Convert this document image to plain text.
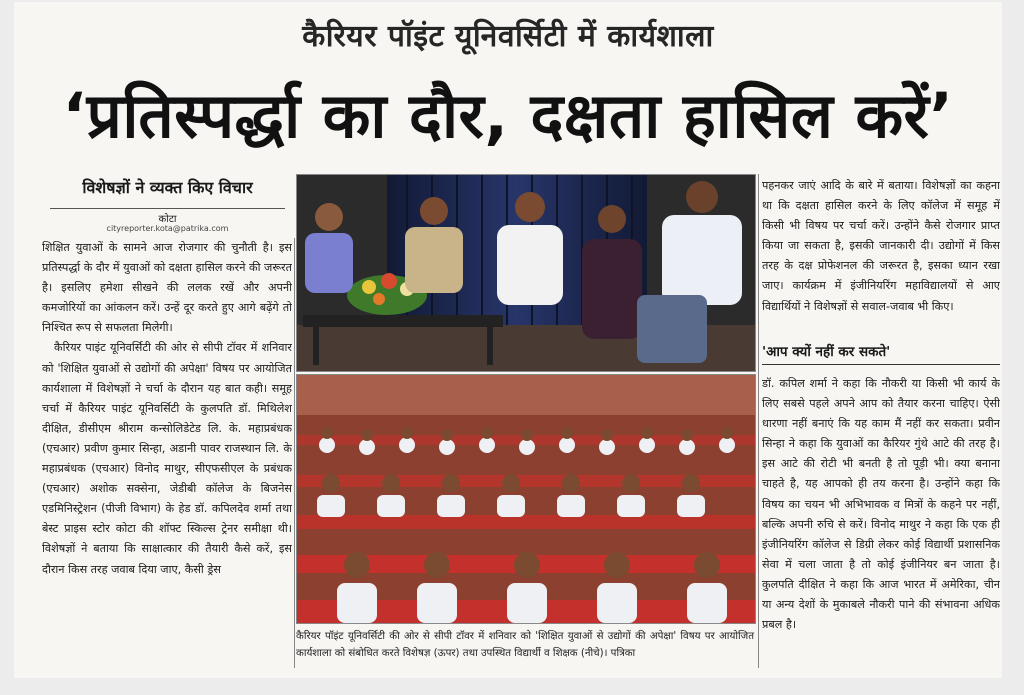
कैरियर पॉइंट यूनिवर्सिटी में कार्यशाला
‘प्रतिस्पर्द्धा का दौर, दक्षता हासिल करें’
विशेषज्ञों ने व्यक्त किए विचार
कोटा
cityreporter.kota@patrika.com

शिक्षित युवाओं के सामने आज रोजगार की चुनौती है। इस प्रतिस्पर्द्धा के दौर में युवाओं को दक्षता हासिल करने की जरूरत है। इसलिए हमेशा सीखने की ललक रखें और अपनी कमजोरियों का आंकलन करें। उन्हें दूर करते हुए आगे बढ़ेंगे तो निश्चित रूप से सफलता मिलेगी।

कैरियर पाइंट यूनिवर्सिटी की ओर से सीपी टॉवर में शनिवार को 'शिक्षित युवाओं से उद्योगों की अपेक्षा' विषय पर आयोजित कार्यशाला में विशेषज्ञों ने चर्चा के दौरान यह बात कही। समूह चर्चा में कैरियर पाइंट यूनिवर्सिटी के कुलपति डॉ. मिथिलेश दीक्षित, डीसीएम श्रीराम कन्सोलिडेटेड लि. के. महाप्रबंधक (एचआर) प्रवीण कुमार सिन्हा, अडानी पावर राजस्थान लि. के महाप्रबंधक (एचआर) विनोद माथुर, सीएफसीएल के प्रबंधक (एचआर) अशोक सक्सेना, जेडीबी कॉलेज के बिजनेस एडमिनिस्ट्रेशन (पीजी विभाग) के हेड डॉ. कपिलदेव शर्मा तथा बेस्ट प्राइस स्टोर कोटा की शॉफ्ट स्किल्स ट्रेनर समीक्षा थी। विशेषज्ञों ने बताया कि साक्षात्कार की तैयारी कैसे करें, इस दौरान किस तरह जवाब दिया जाए, कैसी ड्रेस

कैरियर पॉइंट यूनिवर्सिटी की ओर से सीपी टॉवर में शनिवार को 'शिक्षित युवाओं से उद्योगों की अपेक्षा' विषय पर आयोजित कार्यशाला को संबोधित करते विशेषज्ञ (ऊपर) तथा उपस्थित विद्यार्थी व शिक्षक (नीचे)। पत्रिका

पहनकर जाएं आदि के बारे में बताया। विशेषज्ञों का कहना था कि दक्षता हासिल करने के लिए कॉलेज में समूह में किसी भी विषय पर चर्चा करें। उन्होंने कैसे रोजगार प्राप्त किया जा सकता है, इसकी जानकारी दी। उद्योगों में किस तरह के दक्ष प्रोफेशनल की जरूरत है, इसका ध्यान रखा जाए। कार्यक्रम में इंजीनियरिंग महाविद्यालयों से आए विद्यार्थियों ने विशेषज्ञों से सवाल-जवाब भी किए।

'आप क्यों नहीं कर सकते'

डॉ. कपिल शर्मा ने कहा कि नौकरी या किसी भी कार्य के लिए सबसे पहले अपने आप को तैयार करना चाहिए। ऐसी धारणा नहीं बनाएं कि यह काम मैं नहीं कर सकता। प्रवीन सिन्हा ने कहा कि युवाओं का कैरियर गुंथे आटे की तरह है। इस आटे की रोटी भी बनती है तो पूड़ी भी। क्या बनाना चाहते है, यह आपको ही तय करना है। उन्होंने कहा कि विषय का चयन भी अभिभावक व मित्रों के कहने पर नहीं, बल्कि अपनी रुचि से करें। विनोद माथुर ने कहा कि एक ही इंजीनियरिंग कॉलेज से डिग्री लेकर कोई विद्यार्थी प्रशासनिक सेवा में चला जाता है तो कोई इंजीनियर बन जाता है। कुलपति दीक्षित ने कहा कि आज भारत में अमेरिका, चीन या अन्य देशों के मुकाबले नौकरी पाने की संभावना अधिक प्रबल है।
